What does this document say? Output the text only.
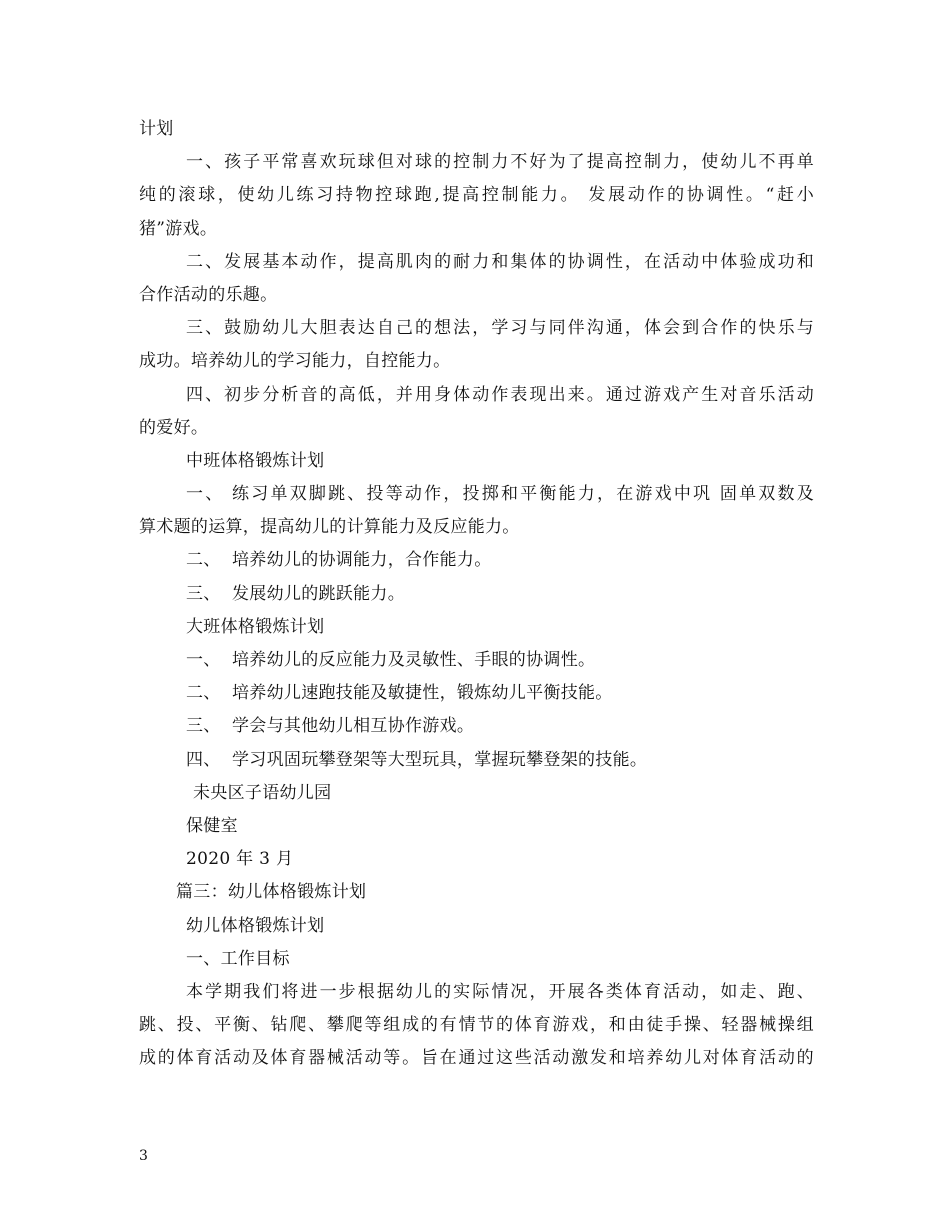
计划
一、孩子平常喜欢玩球但对球的控制力不好为了提高控制力，使幼儿不再单
纯的滚球，使幼儿练习持物控球跑,提高控制能力。 发展动作的协调性。“赶小
猪”游戏。
二、发展基本动作，提高肌肉的耐力和集体的协调性，在活动中体验成功和
合作活动的乐趣。
三、鼓励幼儿大胆表达自己的想法，学习与同伴沟通，体会到合作的快乐与
成功。培养幼儿的学习能力，自控能力。
四、初步分析音的高低，并用身体动作表现出来。通过游戏产生对音乐活动
的爱好。
中班体格锻炼计划
一、 练习单双脚跳、投等动作，投掷和平衡能力，在游戏中巩 固单双数及
算术题的运算，提高幼儿的计算能力及反应能力。
二、  培养幼儿的协调能力，合作能力。
三、  发展幼儿的跳跃能力。
大班体格锻炼计划
一、  培养幼儿的反应能力及灵敏性、手眼的协调性。
二、  培养幼儿速跑技能及敏捷性，锻炼幼儿平衡技能。
三、  学会与其他幼儿相互协作游戏。
四、  学习巩固玩攀登架等大型玩具，掌握玩攀登架的技能。
未央区子语幼儿园
保健室
2020 年 3 月
篇三：幼儿体格锻炼计划
幼儿体格锻炼计划
一、工作目标
本学期我们将进一步根据幼儿的实际情况，开展各类体育活动，如走、跑、
跳、投、平衡、钻爬、攀爬等组成的有情节的体育游戏，和由徒手操、轻器械操组
成的体育活动及体育器械活动等。旨在通过这些活动激发和培养幼儿对体育活动的
3
